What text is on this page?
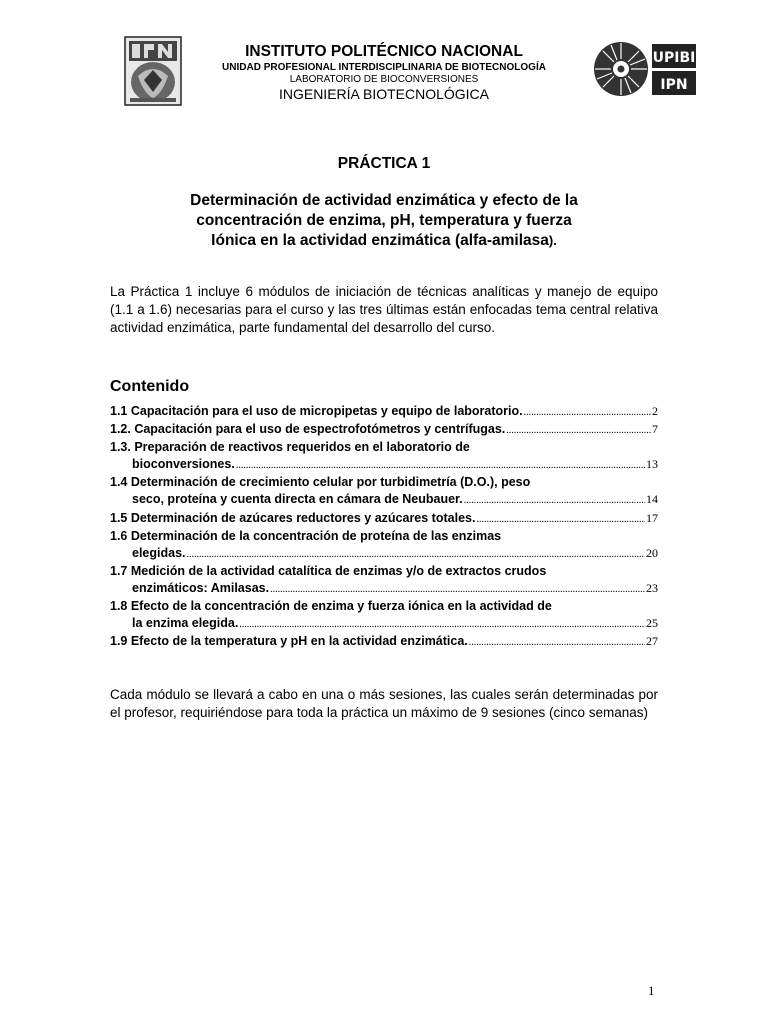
INSTITUTO POLITÉCNICO NACIONAL
UNIDAD PROFESIONAL INTERDISCIPLINARIA DE BIOTECNOLOGÍA
LABORATORIO DE BIOCONVERSIONES
INGENIERÍA BIOTECNOLÓGICA
UPIBI
IPN
PRÁCTICA 1
Determinación de actividad enzimática y efecto de la
concentración de enzima, pH, temperatura y fuerza
Iónica en la actividad enzimática (alfa-amilasa).
La Práctica 1 incluye 6 módulos de iniciación de técnicas analíticas y manejo de equipo (1.1 a 1.6) necesarias para el curso y las tres últimas están enfocadas tema central relativa actividad enzimática, parte fundamental del desarrollo del curso.
Contenido
1.1 Capacitación para el uso de micropipetas y equipo de laboratorio. .....	2
1.2. Capacitación para el uso de espectrofotómetros y centrífugas. .....	7
1.3. Preparación de reactivos requeridos en el laboratorio de
bioconversiones. .....	13
1.4 Determinación de crecimiento celular por turbidimetría (D.O.), peso
seco, proteína y cuenta directa en cámara de Neubauer. .....	14
1.5 Determinación de azúcares reductores y azúcares totales. .....	17
1.6 Determinación de la concentración de proteína de las enzimas
elegidas. .....	20
1.7 Medición de la actividad catalítica de enzimas y/o de extractos crudos
enzimáticos: Amilasas. .....	23
1.8 Efecto de la concentración de enzima y fuerza iónica en la actividad de
la enzima elegida. .....	25
1.9 Efecto de la temperatura y pH en la actividad enzimática. .....	27
Cada módulo se llevará a cabo en una o más sesiones, las cuales serán determinadas por el profesor, requiriéndose para toda la práctica un máximo de 9 sesiones (cinco semanas)
1
